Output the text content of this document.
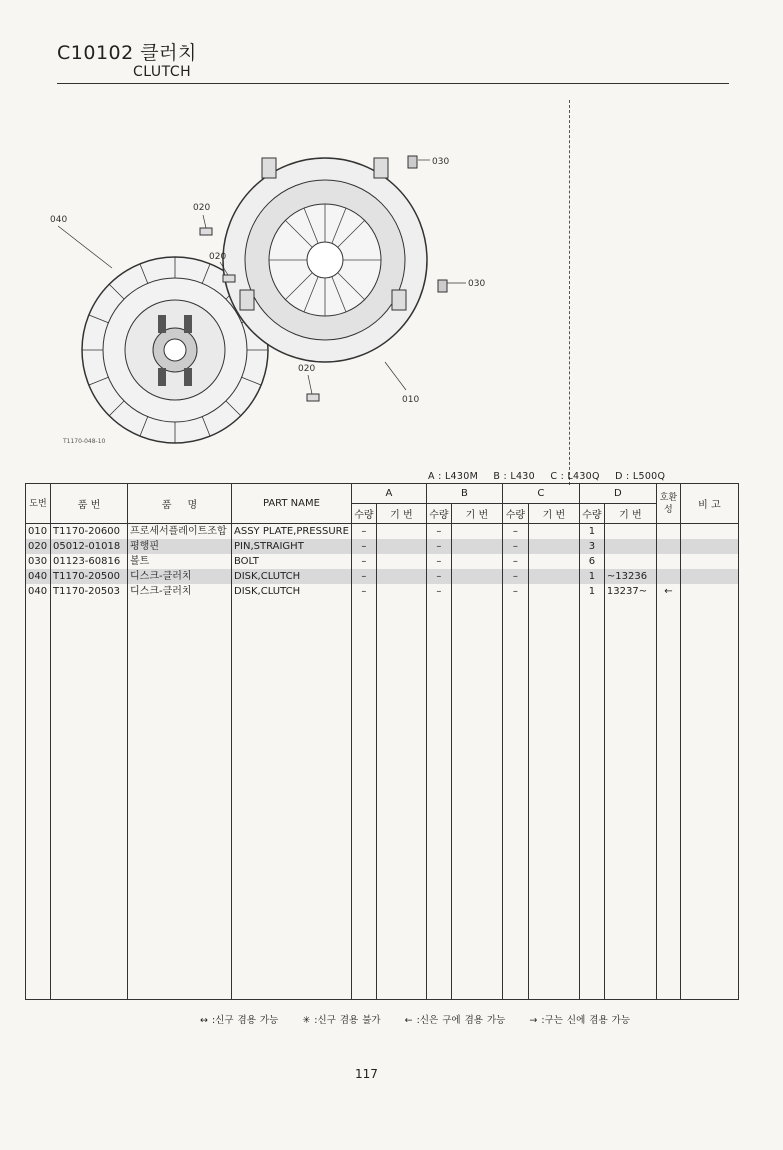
C10102 클러치
CLUTCH
040
020
020
020
030
030
010
T1170-048-10
A : L430M B : L430 C : L430Q D : L500Q
도번	품 번	품     명	PART NAME	A		B		C		D		호환성	비 고
				수량	기 번	수량	기 번	수량	기 번	수량	기 번		
010	T1170-20600	프로세서플레이트조합	ASSY PLATE,PRESSURE	–		–		–		1			
020	05012-01018	평행핀	PIN,STRAIGHT	–		–		–		3			
030	01123-60816	볼트	BOLT	–		–		–		6			
040	T1170-20500	디스크-클러치	DISK,CLUTCH	–		–		–		1	~13236		
040	T1170-20503	디스크-클러치	DISK,CLUTCH	–		–		–		1	13237~	←	

↔ :신구 겸용 가능	✳ :신구 겸용 불가	← :신은 구에 겸용 가능	→ :구는 신에 겸용 가능
117
